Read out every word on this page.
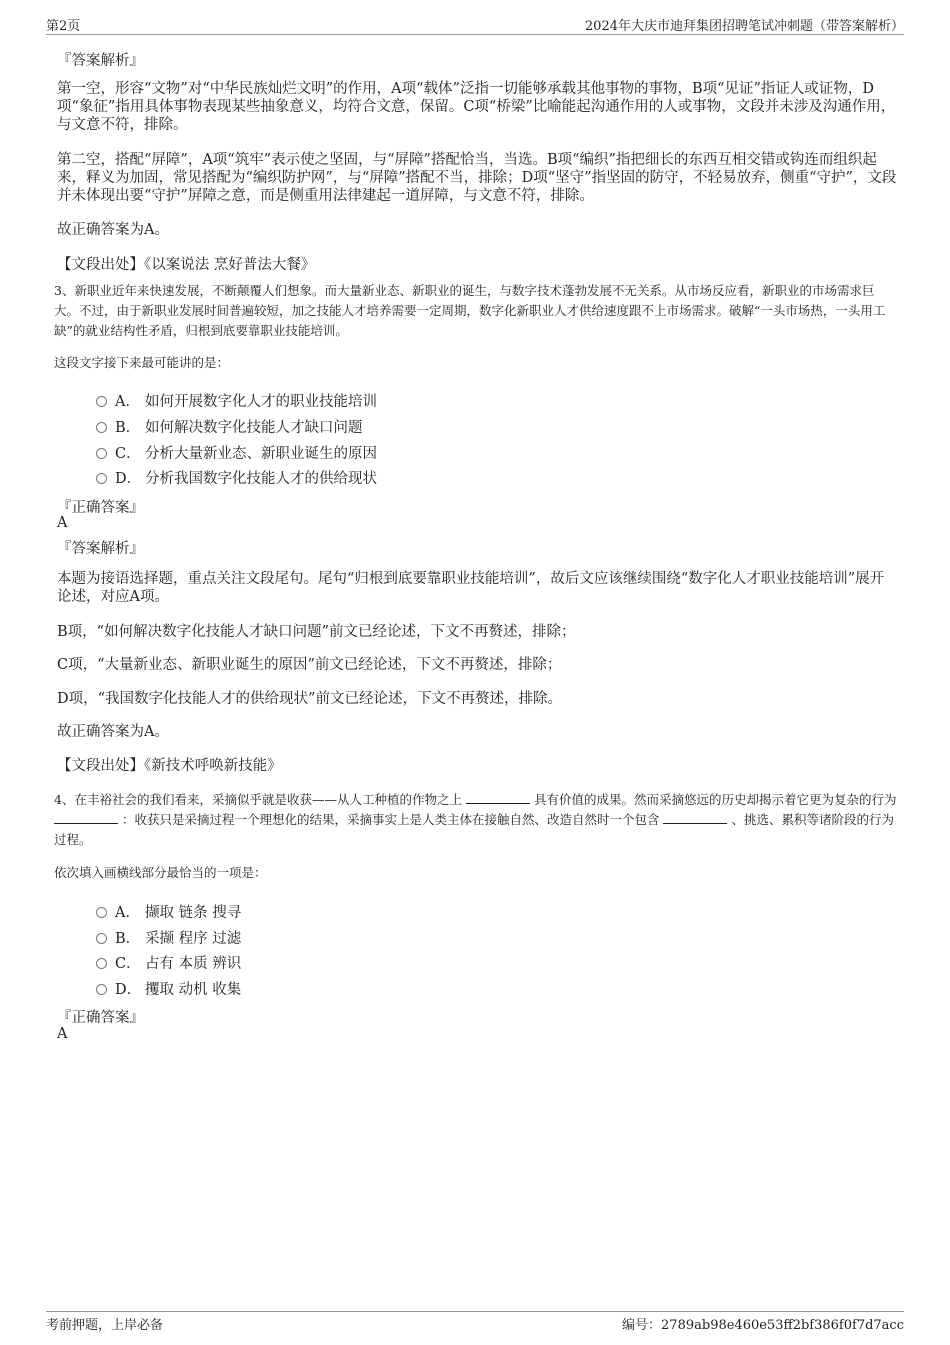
第2页	2024年大庆市迪拜集团招聘笔试冲刺题（带答案解析）
『答案解析』
第一空，形容“文物”对“中华民族灿烂文明”的作用，A项“载体”泛指一切能够承载其他事物的事物，B项“见证”指证人或证物，D项“象征”指用具体事物表现某些抽象意义，均符合文意，保留。C项“桥梁”比喻能起沟通作用的人或事物，文段并未涉及沟通作用，与文意不符，排除。
第二空，搭配“屏障”，A项“筑牢”表示使之坚固，与“屏障”搭配恰当，当选。B项“编织”指把细长的东西互相交错或钩连而组织起来，释义为加固，常见搭配为“编织防护网”，与“屏障”搭配不当，排除；D项“坚守”指坚固的防守，不轻易放弃，侧重“守护”，文段并未体现出要“守护”屏障之意，而是侧重用法律建起一道屏障，与文意不符，排除。
故正确答案为A。
【文段出处】《以案说法 烹好普法大餐》
3、新职业近年来快速发展，不断颠覆人们想象。而大量新业态、新职业的诞生，与数字技术蓬勃发展不无关系。从市场反应看，新职业的市场需求巨大。不过，由于新职业发展时间普遍较短，加之技能人才培养需要一定周期，数字化新职业人才供给速度跟不上市场需求。破解“一头市场热，一头用工缺”的就业结构性矛盾，归根到底要靠职业技能培训。
这段文字接下来最可能讲的是：
A． 如何开展数字化人才的职业技能培训
B． 如何解决数字化技能人才缺口问题
C． 分析大量新业态、新职业诞生的原因
D． 分析我国数字化技能人才的供给现状
『正确答案』
A
『答案解析』
本题为接语选择题，重点关注文段尾句。尾句“归根到底要靠职业技能培训”，故后文应该继续围绕“数字化人才职业技能培训”展开论述，对应A项。
B项，“如何解决数字化技能人才缺口问题”前文已经论述，下文不再赘述，排除；
C项，“大量新业态、新职业诞生的原因”前文已经论述，下文不再赘述，排除；
D项，“我国数字化技能人才的供给现状”前文已经论述，下文不再赘述，排除。
故正确答案为A。
【文段出处】《新技术呼唤新技能》
4、在丰裕社会的我们看来，采摘似乎就是收获——从人工种植的作物之上	具有价值的成果。然而采摘悠远的历史却揭示着它更为复杂的行为  ：收获只是采摘过程一个理想化的结果，采摘事实上是人类主体在接触自然、改造自然时一个包含	、挑选、累积等诸阶段的行为过程。
依次填入画横线部分最恰当的一项是：
A． 撷取 链条 搜寻
B． 采撷 程序 过滤
C． 占有 本质 辨识
D． 攫取 动机 收集
『正确答案』
A
考前押题，上岸必备	编号：2789ab98e460e53ff2bf386f0f7d7acc
